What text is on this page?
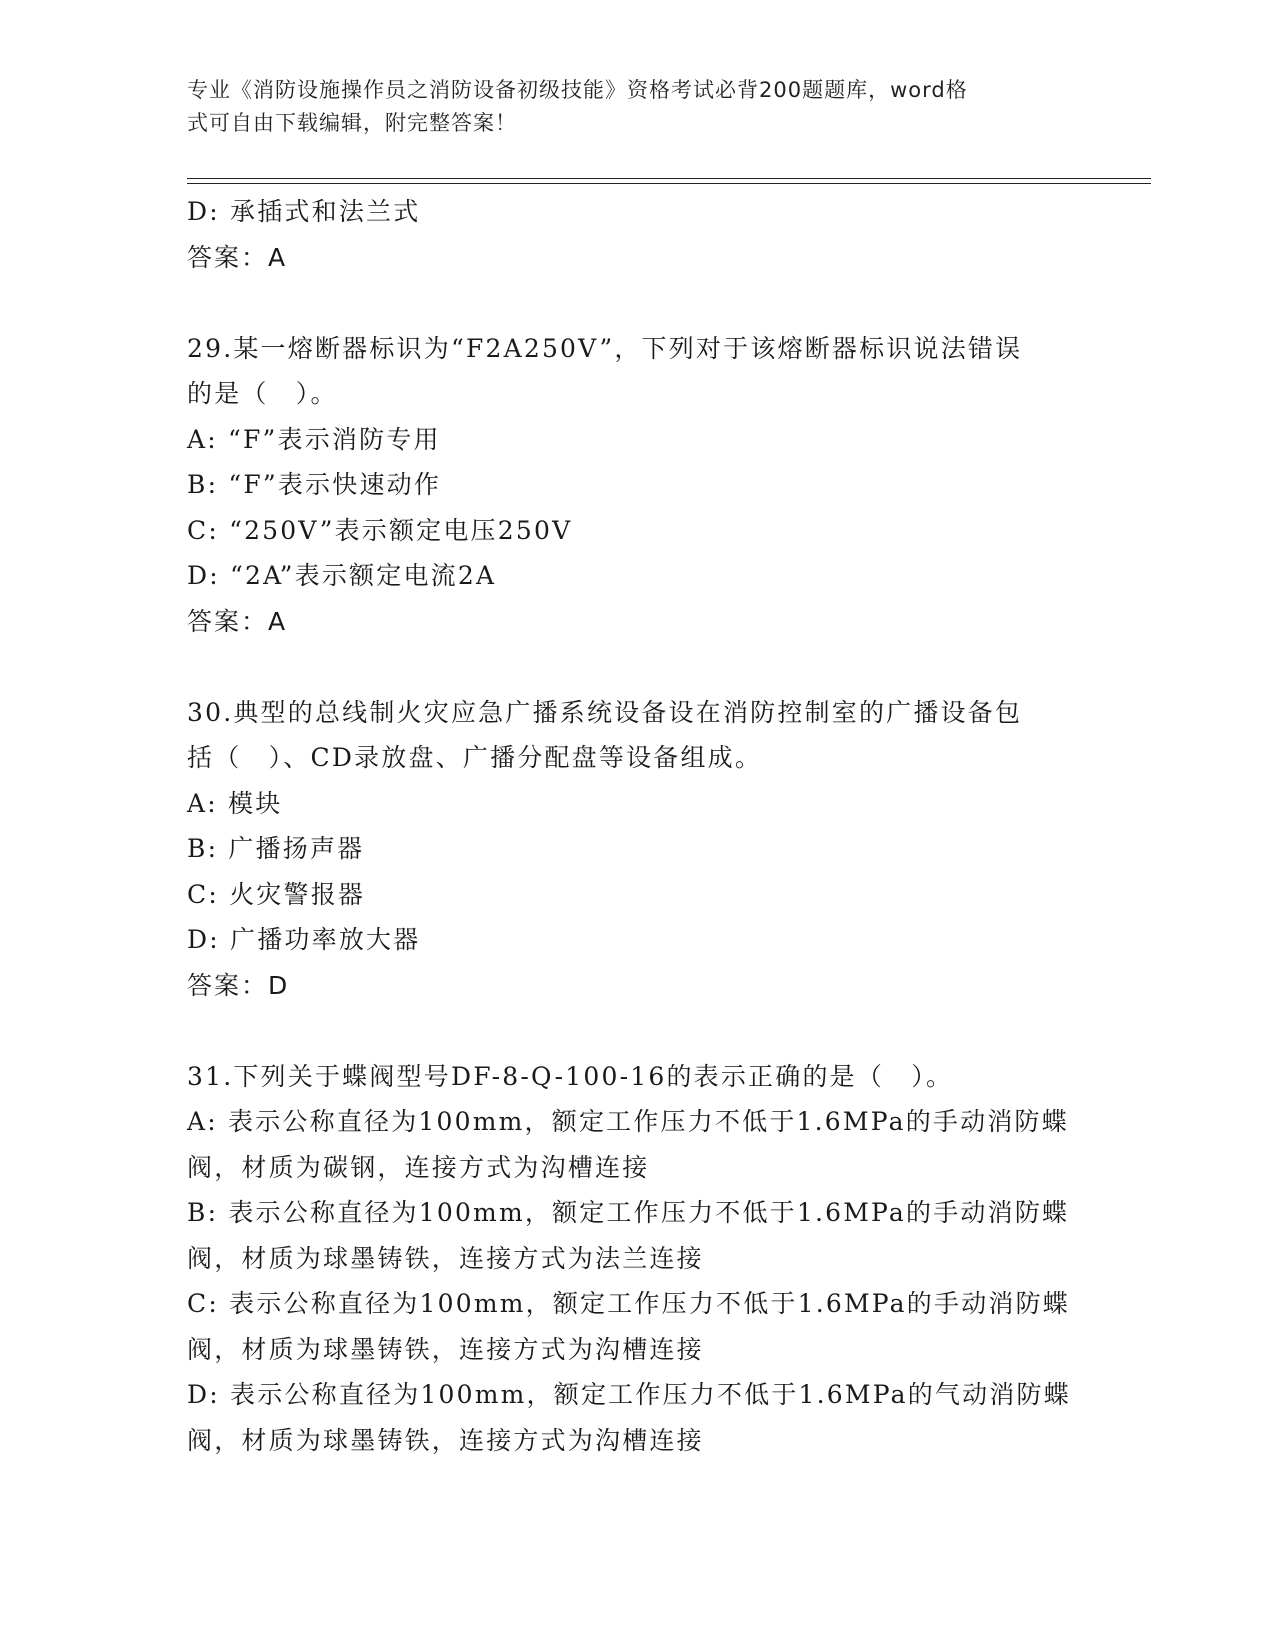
专业《消防设施操作员之消防设备初级技能》资格考试必背200题题库，word格
式可自由下载编辑，附完整答案！
D: 承插式和法兰式
答案：A
29.某一熔断器标识为“F2A250V”，下列对于该熔断器标识说法错误
的是（　）。
A: “F”表示消防专用
B: “F”表示快速动作
C: “250V”表示额定电压250V
D: “2A”表示额定电流2A
答案：A
30.典型的总线制火灾应急广播系统设备设在消防控制室的广播设备包
括（　）、CD录放盘、广播分配盘等设备组成。
A: 模块
B: 广播扬声器
C: 火灾警报器
D: 广播功率放大器
答案：D
31.下列关于蝶阀型号DF-8-Q-100-16的表示正确的是（　）。
A: 表示公称直径为100mm，额定工作压力不低于1.6MPa的手动消防蝶
阀，材质为碳钢，连接方式为沟槽连接
B: 表示公称直径为100mm，额定工作压力不低于1.6MPa的手动消防蝶
阀，材质为球墨铸铁，连接方式为法兰连接
C: 表示公称直径为100mm，额定工作压力不低于1.6MPa的手动消防蝶
阀，材质为球墨铸铁，连接方式为沟槽连接
D: 表示公称直径为100mm，额定工作压力不低于1.6MPa的气动消防蝶
阀，材质为球墨铸铁，连接方式为沟槽连接
